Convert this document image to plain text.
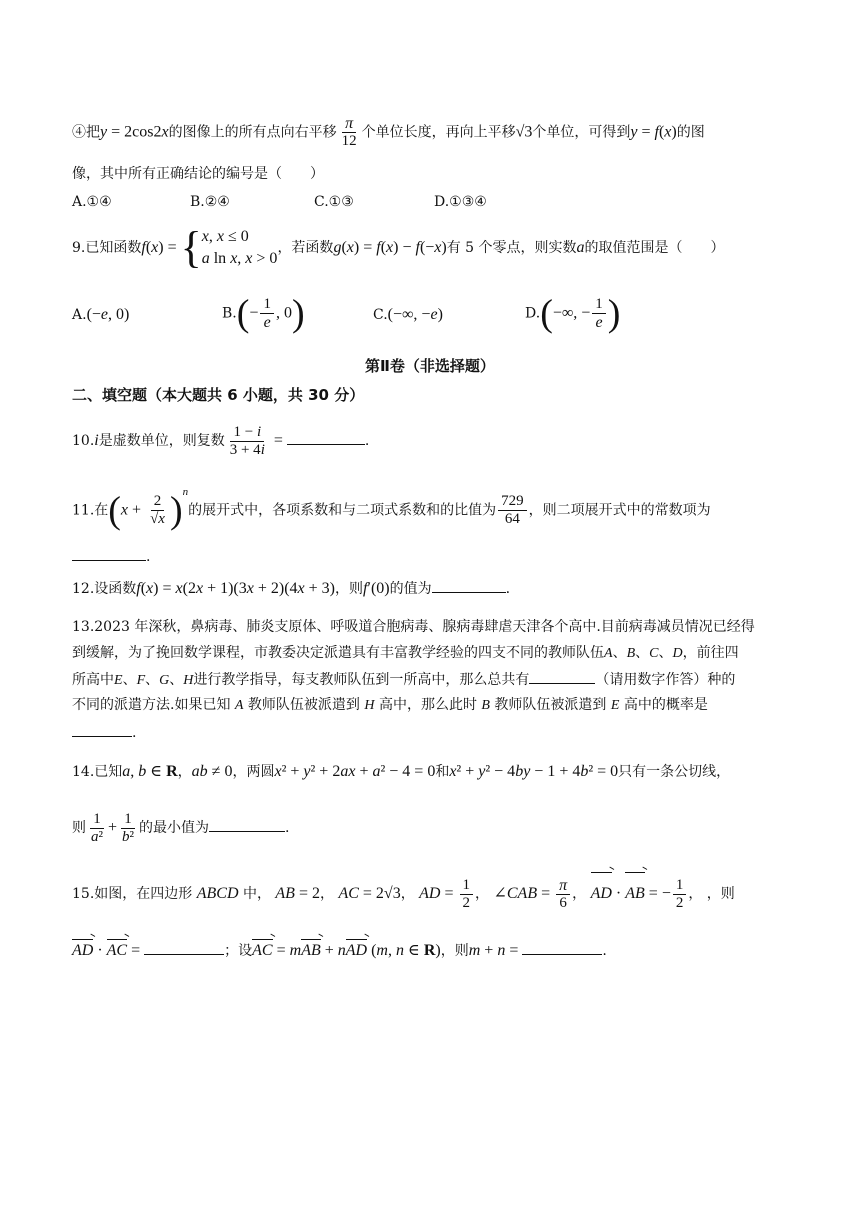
④把y = 2cos2x的图像上的所有点向右平移 $\frac{\pi}{12}$ 个单位长度，再向上平移√3个单位，可得到y = f(x)的图
像，其中所有正确结论的编号是（　　）
A.①④	B.②④	C.①③	D.①③④
9.已知函数f(x) = { x, x ≤ 0
a ln x, x > 0
，若函数g(x) = f(x) − f(−x)有 5 个零点，则实数a的取值范围是（　　）
A.(−e, 0)	$B.(- \frac{1}{e}$ , 0)	C.(−∞, −e)	D.(−∞, − $\frac{1}{e}$ )
第Ⅱ卷（非选择题）
二、填空题（本大题共 6 小题，共 30 分）
10.i是虚数单位，则复数 $\frac{1 - i}{3 + 4i}$ =	.
11.在$(x + \frac{2}{√x} )^n$的展开式中，各项系数和与二项式系数和的比值为 $\frac{729}{64}$ ，则二项展开式中的常数项为
.
12.设函数f(x) = x(2x + 1)(3x + 2)(4x + 3)，则f′(0)的值为	.
13.2023 年深秋，鼻病毒、肺炎支原体、呼吸道合胞病毒、腺病毒肆虐天津各个高中.目前病毒减员情况已经得
到缓解，为了挽回数学课程，市教委决定派遣具有丰富教学经验的四支不同的教师队伍A、B、C、D，前往四
所高中E、F、G、H进行教学指导，每支教师队伍到一所高中，那么总共有	（请用数字作答）种的
不同的派遣方法.如果已知 A 教师队伍被派遣到 H 高中，那么此时 B 教师队伍被派遣到 E 高中的概率是
.
14.已知a, b ∈ R，ab ≠ 0，两圆x² + y² + 2ax + a² − 4 = 0和x² + y² − 4by − 1 + 4b² = 0只有一条公切线，
则 $\frac{1}{\text{a²}} + \frac{1}{\text{b²}}$ 的最小值为	.
15.如图，在四边形 ABCD 中， AB = 2， AC = 2√3， AD = $\frac{1}{2}$ ， ∠CAB = $\frac{\pi}{6}$ ， AD · AB = − $\frac{1}{2}$ ， ，则
AD · AC =	；设AC = mAB + nAD (m, n ∈ R)，则m + n =	.
